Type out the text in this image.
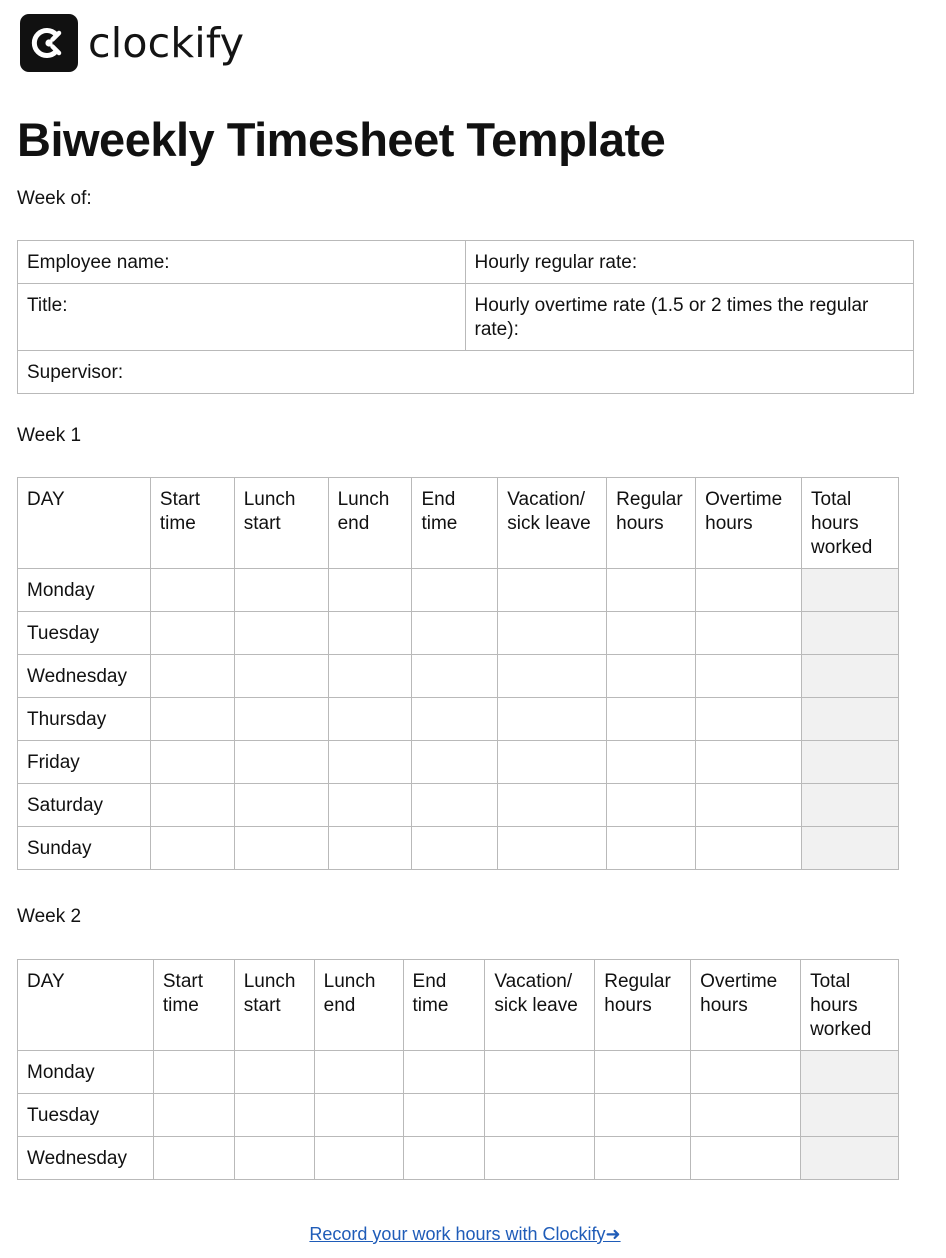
clockify
Biweekly Timesheet Template
Week of:
Employee name:	Hourly regular rate:
Title:	Hourly overtime rate (1.5 or 2 times the regular rate):
Supervisor:	
Week 1
DAY	Start time	Lunch start	Lunch end	End time	Vacation/ sick leave	Regular hours	Overtime hours	Total hours worked
Monday								
Tuesday								
Wednesday								
Thursday								
Friday								
Saturday								
Sunday								
Week 2
DAY	Start time	Lunch start	Lunch end	End time	Vacation/ sick leave	Regular hours	Overtime hours	Total hours worked
Monday								
Tuesday								
Wednesday								
Record your work hours with Clockify➜
